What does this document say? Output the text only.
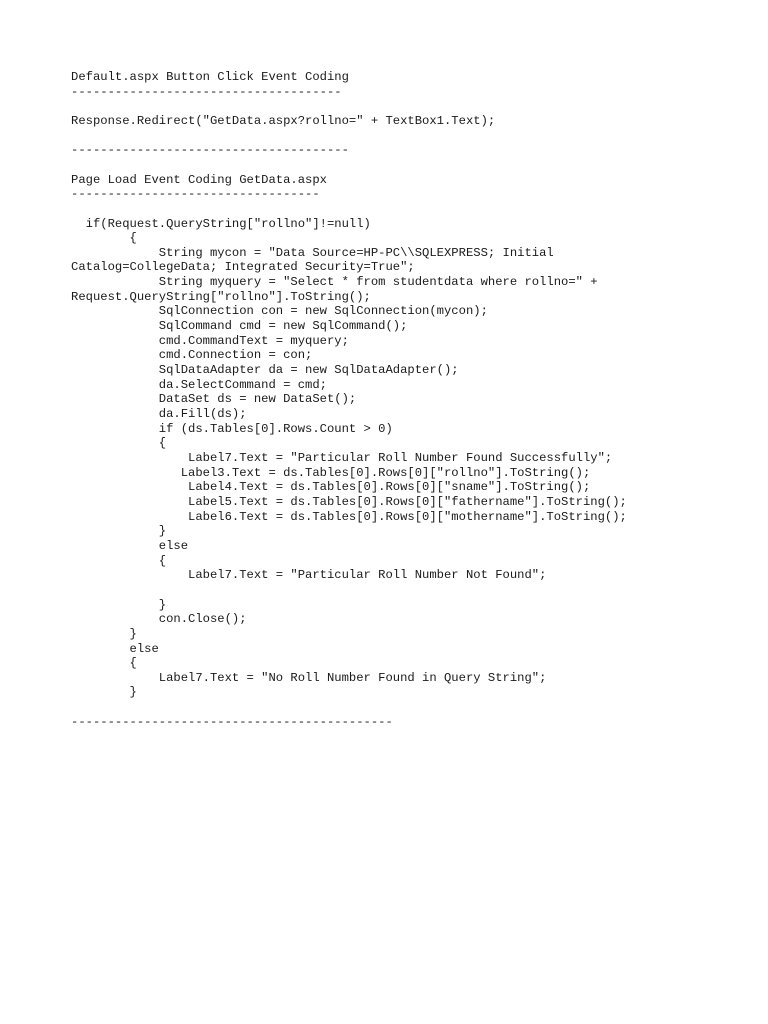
Default.aspx Button Click Event Coding
-------------------------------------
Response.Redirect("GetData.aspx?rollno=" + TextBox1.Text);
--------------------------------------
Page Load Event Coding GetData.aspx
----------------------------------
if(Request.QueryString["rollno"]!=null)
{
String mycon = "Data Source=HP-PC\\SQLEXPRESS; Initial
Catalog=CollegeData; Integrated Security=True";
String myquery = "Select * from studentdata where rollno=" +
Request.QueryString["rollno"].ToString();
SqlConnection con = new SqlConnection(mycon);
SqlCommand cmd = new SqlCommand();
cmd.CommandText = myquery;
cmd.Connection = con;
SqlDataAdapter da = new SqlDataAdapter();
da.SelectCommand = cmd;
DataSet ds = new DataSet();
da.Fill(ds);
if (ds.Tables[0].Rows.Count > 0)
{
Label7.Text = "Particular Roll Number Found Successfully";
Label3.Text = ds.Tables[0].Rows[0]["rollno"].ToString();
Label4.Text = ds.Tables[0].Rows[0]["sname"].ToString();
Label5.Text = ds.Tables[0].Rows[0]["fathername"].ToString();
Label6.Text = ds.Tables[0].Rows[0]["mothername"].ToString();
}
else
{
Label7.Text = "Particular Roll Number Not Found";
}
con.Close();
}
else
{
Label7.Text = "No Roll Number Found in Query String";
}
--------------------------------------------
